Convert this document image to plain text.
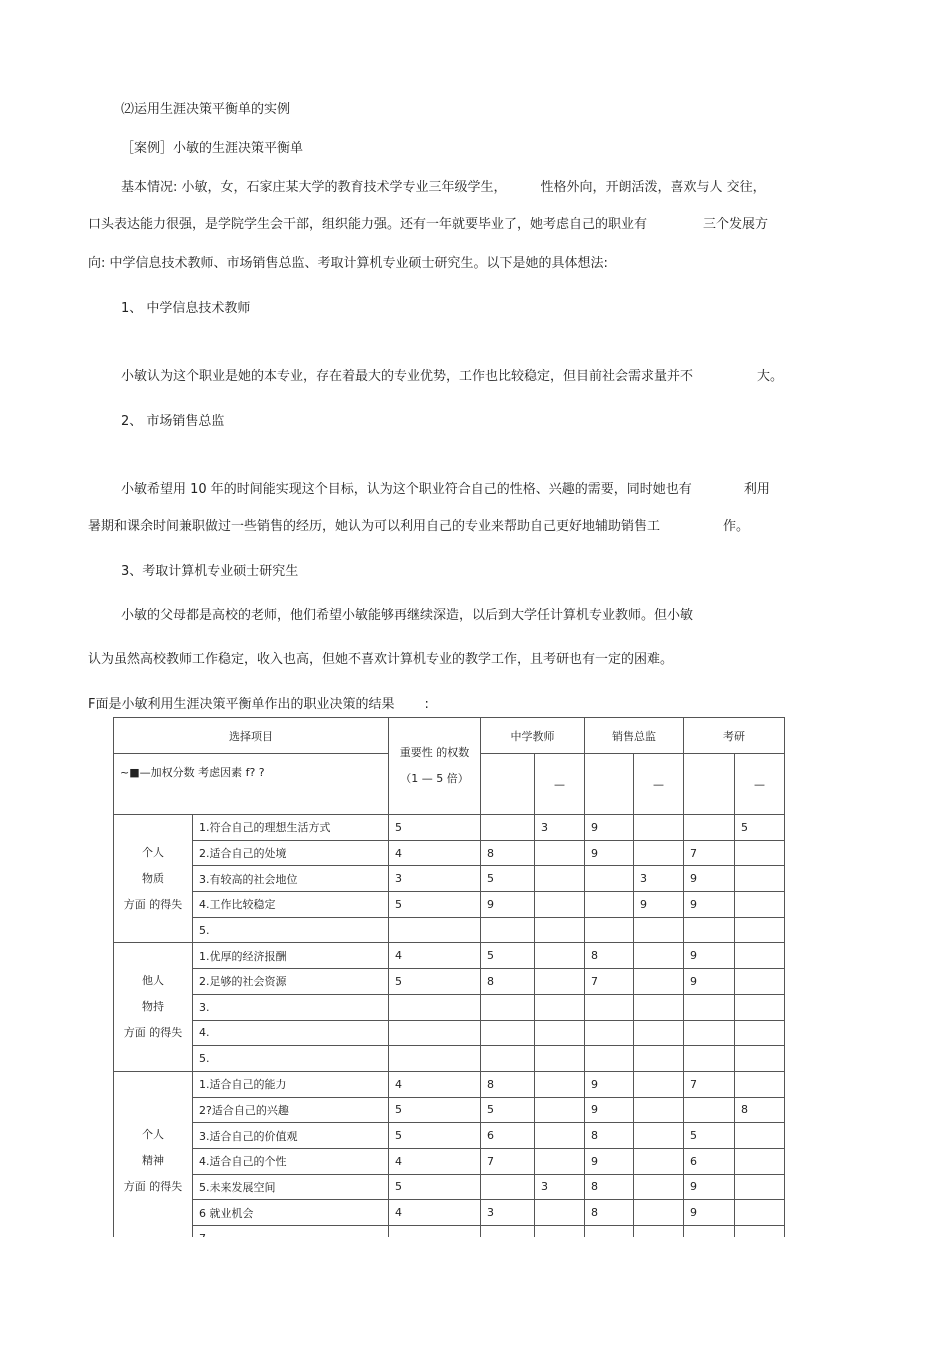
⑵运用生涯决策平衡单的实例
［案例］小敏的生涯决策平衡单
基本情况: 小敏，女，石家庄某大学的教育技术学专业三年级学生，	性格外向，开朗活泼，喜欢与人 交往，
口头表达能力很强，是学院学生会干部，组织能力强。还有一年就要毕业了，她考虑自己的职业有	三个发展方
向: 中学信息技术教师、市场销售总监、考取计算机专业硕士研究生。以下是她的具体想法:
1、 中学信息技术教师
小敏认为这个职业是她的本专业，存在着最大的专业优势，工作也比较稳定，但目前社会需求量并不	大。
2、 市场销售总监
小敏希望用 10 年的时间能实现这个目标，认为这个职业符合自己的性格、兴趣的需要，同时她也有	利用
暑期和课余时间兼职做过一些销售的经历，她认为可以利用自己的专业来帮助自己更好地辅助销售工	作。
3、考取计算机专业硕士研究生
小敏的父母都是高校的老师，他们希望小敏能够再继续深造，以后到大学任计算机专业教师。但小敏
认为虽然高校教师工作稳定，收入也高，但她不喜欢计算机专业的教学工作，且考研也有一定的困难。
F面是小敏利用生涯决策平衡单作出的职业决策的结果 :
选择项目		重要性 的权数
（1 — 5 倍）	中学教师		销售总监		考研	
~■—加权分数 考虑因素 f? ?				—		—		—

个人
物质
方面 的得失	1.符合自己的理想生活方式	5		3	9			5
	2.适合自己的处境	4	8		9		7	
	3.有较高的社会地位	3	5			3	9	
	4.工作比较稳定	5	9			9	9	
	5.							

他人
物持
方面 的得失	1.优厚的经济报酬	4	5		8		9	
	2.足够的社会资源	5	8		7		9	
	3.							
	4.							
	5.							

个人
精神
方面 的得失	1.适合自己的能力	4	8		9		7	
	2?适合自己的兴趣	5	5		9			8
	3.适合自己的价值观	5	6		8		5	
	4.适合自己的个性	4	7		9		6	
	5.未来发展空间	5		3	8		9	
	6 就业机会	4	3		8		9	
